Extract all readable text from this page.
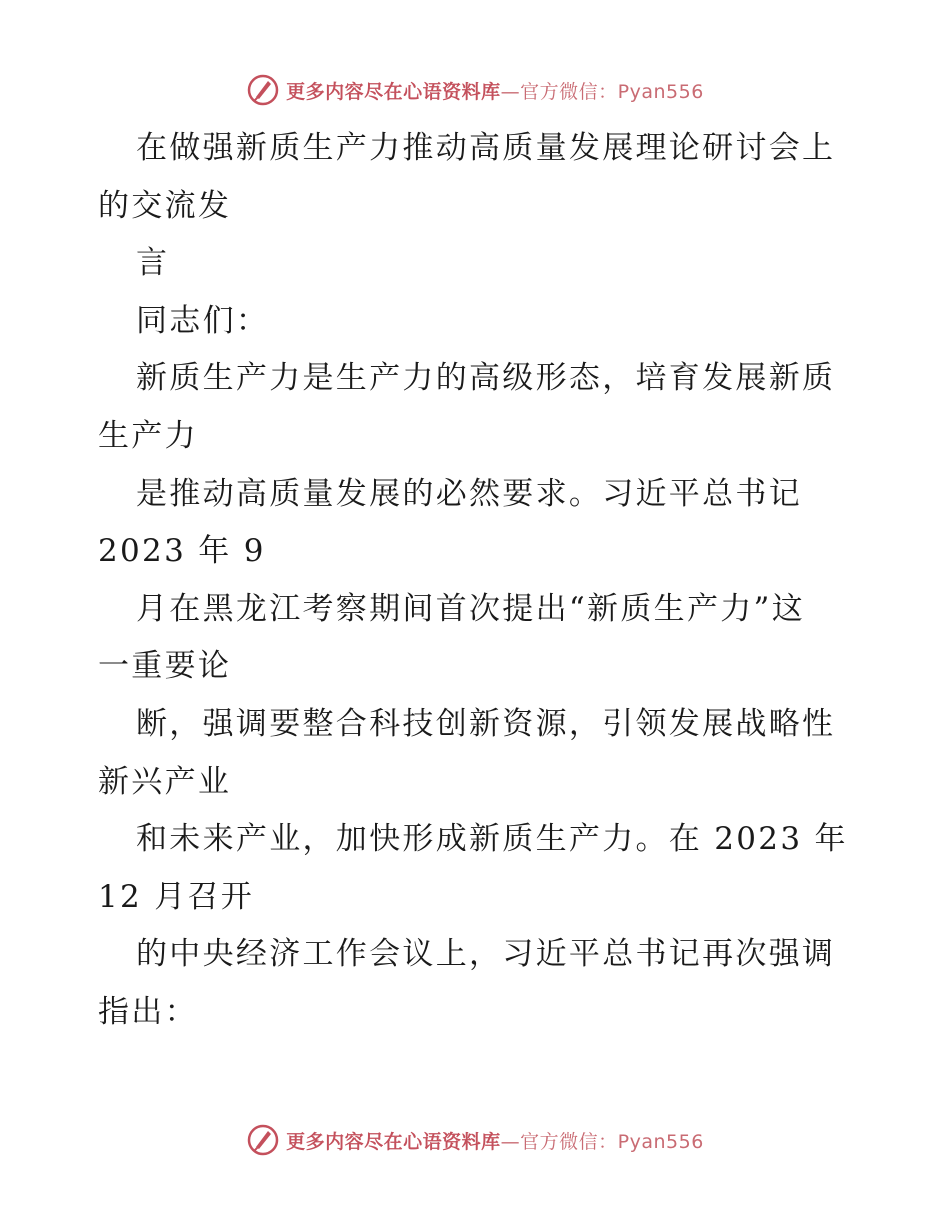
更多内容尽在心语资料库—官方微信：Pyan556
在做强新质生产力推动高质量发展理论研讨会上
的交流发
言
同志们：
新质生产力是生产力的高级形态，培育发展新质
生产力
是推动高质量发展的必然要求。习近平总书记
2023 年 9
月在黑龙江考察期间首次提出“新质生产力”这
一重要论
断，强调要整合科技创新资源，引领发展战略性
新兴产业
和未来产业，加快形成新质生产力。在 2023 年
12 月召开
的中央经济工作会议上，习近平总书记再次强调
指出：
更多内容尽在心语资料库—官方微信：Pyan556
